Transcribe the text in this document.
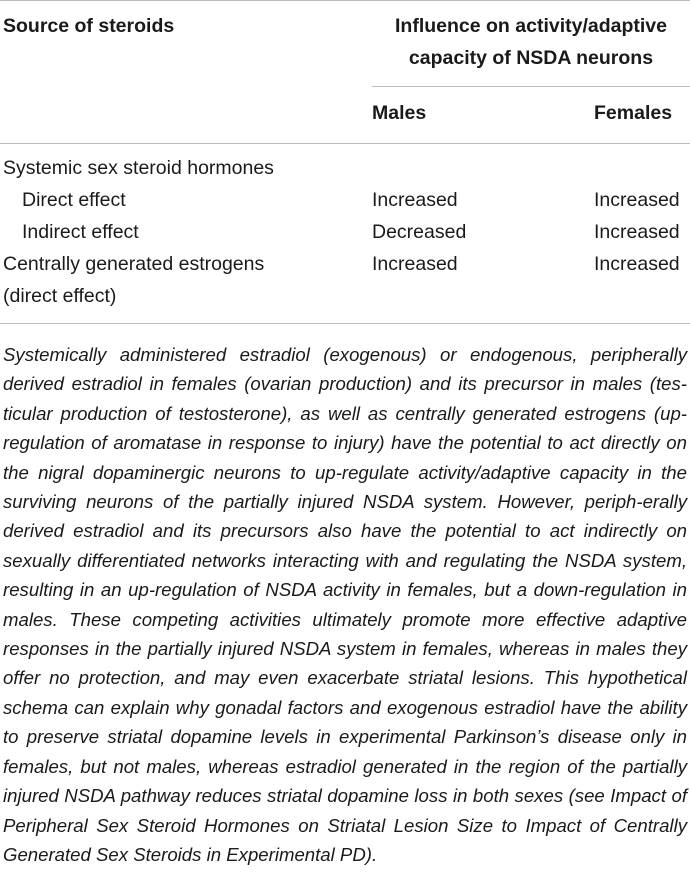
Source of steroids	Influence on activity/adaptive
capacity of NSDA neurons
Males	Females
Systemic sex steroid hormones
Direct effect	Increased	Increased
Indirect effect	Decreased	Increased
Centrally generated estrogens	Increased	Increased
(direct effect)

Systemically administered estradiol (exogenous) or endogenous, peripherally derived estradiol in females (ovarian production) and its precursor in males (tes-ticular production of testosterone), as well as centrally generated estrogens (up-regulation of aromatase in response to injury) have the potential to act directly on the nigral dopaminergic neurons to up-regulate activity/adaptive capacity in the surviving neurons of the partially injured NSDA system. However, periph-erally derived estradiol and its precursors also have the potential to act indirectly on sexually differentiated networks interacting with and regulating the NSDA system, resulting in an up-regulation of NSDA activity in females, but a down-regulation in males. These competing activities ultimately promote more effective adaptive responses in the partially injured NSDA system in females, whereas in males they offer no protection, and may even exacerbate striatal lesions. This hypothetical schema can explain why gonadal factors and exogenous estradiol have the ability to preserve striatal dopamine levels in experimental Parkinson’s disease only in females, but not males, whereas estradiol generated in the region of the partially injured NSDA pathway reduces striatal dopamine loss in both sexes (see Impact of Peripheral Sex Steroid Hormones on Striatal Lesion Size to Impact of Centrally Generated Sex Steroids in Experimental PD).
